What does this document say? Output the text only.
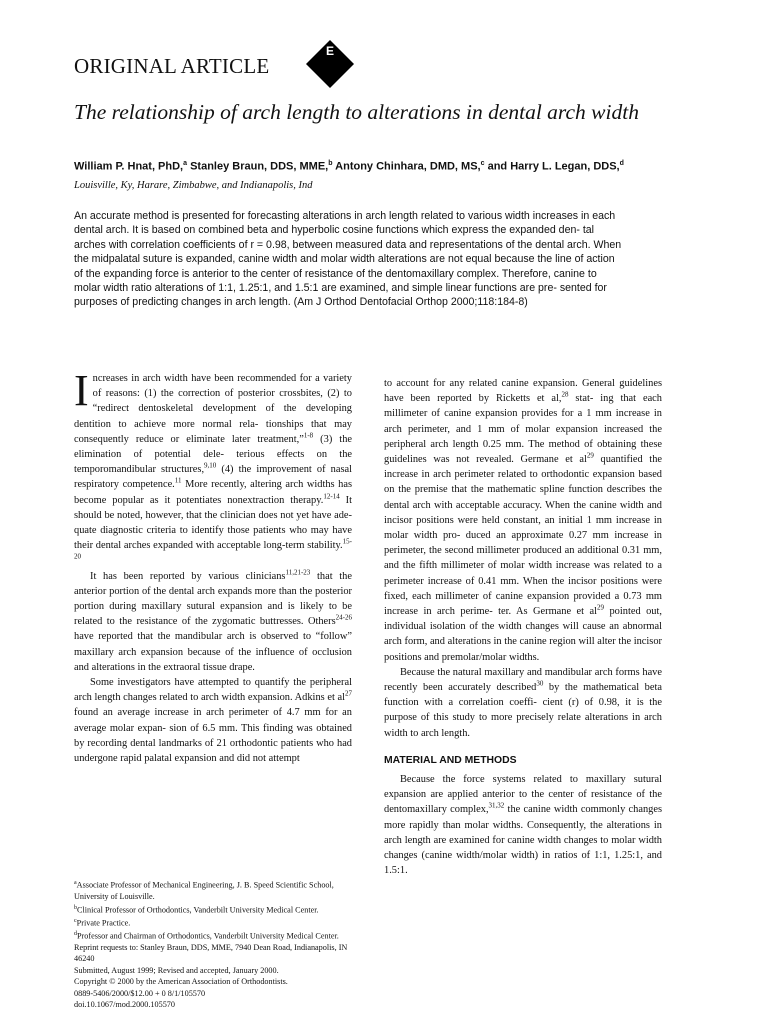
ORIGINAL ARTICLE
E
The relationship of arch length to alterations in dental arch width
William P. Hnat, PhD,$^a$ Stanley Braun, DDS, MME,$^b$ Antony Chinhara, DMD, MS,$^c$ and Harry L. Legan, DDS,$^d$
Louisville, Ky, Harare, Zimbabwe, and Indianapolis, Ind
An accurate method is presented for forecasting alterations in arch length related to various width increases in each dental arch. It is based on combined beta and hyperbolic cosine functions which express the expanded den- tal arches with correlation coefficients of r = 0.98, between measured data and representations of the dental arch. When the midpalatal suture is expanded, canine width and molar width alterations are not equal because the line of action of the expanding force is anterior to the center of resistance of the dentomaxillary complex. Therefore, canine to molar width ratio alterations of 1:1, 1.25:1, and 1.5:1 are examined, and simple linear functions are pre- sented for purposes of predicting changes in arch length. (Am J Orthod Dentofacial Orthop 2000;118:184-8)

Increases in arch width have been recommended for a variety of reasons: (1) the correction of posterior crossbites, (2) to “redirect dentoskeletal development of the developing dentition to achieve more normal rela- tionships that may consequently reduce or eliminate later treatment,”$^{1-8}$ (3) the elimination of potential dele- terious effects on the temporomandibular structures,$^{9,10}$ (4) the improvement of nasal respiratory competence.$^{11}$ More recently, altering arch widths has become popular as it potentiates nonextraction therapy.$^{12-14}$ It should be noted, however, that the clinician does not yet have ade- quate diagnostic criteria to identify those patients who may have their dental arches expanded with acceptable long-term stability.$^{15-20}$

It has been reported by various clinicians$^{11,21-23}$ that the anterior portion of the dental arch expands more than the posterior portion during maxillary sutural expansion and is likely to be related to the resistance of the zygomatic buttresses. Others$^{24-26}$ have reported that the mandibular arch is observed to “follow” maxillary arch expansion because of the influence of occlusion and alterations in the extraoral tissue drape.

Some investigators have attempted to quantify the peripheral arch length changes related to arch width expansion. Adkins et $al^{27}$ found an average increase in arch perimeter of 4.7 mm for an average molar expan- sion of 6.5 mm. This finding was obtained by recording dental landmarks of 21 orthodontic patients who had undergone rapid palatal expansion and did not attempt

to account for any related canine expansion. General guidelines have been reported by Ricketts et al,$^{28}$ stat- ing that each millimeter of canine expansion provides for a 1 mm increase in arch perimeter, and 1 mm of molar expansion increased the peripheral arch length 0.25 mm. The method of obtaining these guidelines was not revealed. Germane et $al^{29}$ quantified the increase in arch perimeter related to orthodontic expansion based on the premise that the mathematic spline function describes the dental arch with acceptable accuracy. When the canine width and incisor positions were held constant, an initial 1 mm increase in molar width pro- duced an approximate 0.27 mm increase in perimeter, the second millimeter produced an additional 0.31 mm, and the fifth millimeter of molar width increase was related to a perimeter increase of 0.41 mm. When the incisor positions were fixed, each millimeter of canine expansion provided a 0.73 mm increase in arch perime- ter. As Germane et $al^{29}$ pointed out, individual isolation of the width changes will cause an abnormal arch form, and alterations in the canine region will alter the incisor positions and premolar/molar widths.

Because the natural maxillary and mandibular arch forms have recently been accurately described$^{30}$ by the mathematical beta function with a correlation coeffi- cient (r) of 0.98, it is the purpose of this study to more precisely relate alterations in arch width to arch length.

MATERIAL AND METHODS

Because the force systems related to maxillary sutural expansion are applied anterior to the center of resistance of the dentomaxillary complex,$^{31,32}$ the canine width commonly changes more rapidly than molar widths. Consequently, the alterations in arch length are examined for canine width changes to molar width changes (canine width/molar width) in ratios of 1:1, 1.25:1, and 1.5:1.

$^a$Associate Professor of Mechanical Engineering, J. B. Speed Scientific School, University of Louisville.
$^b$Clinical Professor of Orthodontics, Vanderbilt University Medical Center.
$^c$Private Practice.
$^d$Professor and Chairman of Orthodontics, Vanderbilt University Medical Center. Reprint requests to: Stanley Braun, DDS, MME, 7940 Dean Road, Indianapolis, IN 46240
Submitted, August 1999; Revised and accepted, January 2000.
Copyright © 2000 by the American Association of Orthodontists.
0889-5406/2000/$12.00 + 0 8/1/105570
doi.10.1067/mod.2000.105570
